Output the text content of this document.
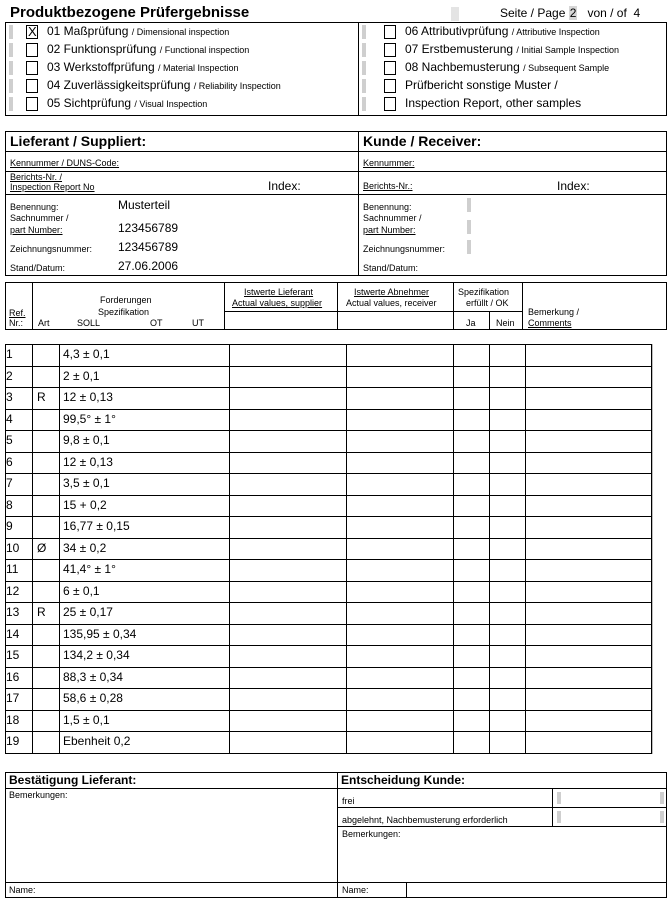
Produktbezogene Prüfergebnisse	Seite / Page 2 von / of 4
X 01 Maßprüfung / Dimensional inspection
02 Funktionsprüfung / Functional inspection
03 Werkstoffprüfung / Material Inspection
04 Zuverlässigkeitsprüfung / Reliability Inspection
05 Sichtprüfung / Visual Inspection
06 Attributivprüfung / Attributive Inspection
07 Erstbemusterung / Initial Sample Inspection
08 Nachbemusterung / Subsequent Sample
Prüfbericht sonstige Muster /
Inspection Report, other samples
Lieferant / Suppliert:
Kennummer / DUNS-Code:
Berichts-Nr. /
Inspection Report No	Index:
Benennung:	Musterteil
Sachnummer /
part Number:	123456789
Zeichnungsnummer: 123456789
Stand/Datum:	27.06.2006
Kunde / Receiver:
Kennummer:
Berichts-Nr.:	Index:
Benennung:
Sachnummer /
part Number:
Zeichnungsnummer:
Stand/Datum:
Ref.
Nr.: Art
Forderungen
Spezifikation
SOLL	OT	UT
Istwerte Lieferant
Actual values, supplier
Istwerte Abnehmer
Actual values, receiver
Spezifikation
erfüllt / OK
Ja Nein
Bemerkung /
Comments
1	4,3 ± 0,1
2	2 ± 0,1
3 R 12 ± 0,13
4	99,5° ± 1°
5	9,8 ± 0,1
6	12 ± 0,13
7	3,5 ± 0,1
8	15 + 0,2
9	16,77 ± 0,15
10 Ø 34 ± 0,2
11	41,4° ± 1°
12	6 ± 0,1
13 R 25 ± 0,17
14	135,95 ± 0,34
15	134,2 ± 0,34
16	88,3 ± 0,34
17	58,6 ± 0,28
18	1,5 ± 0,1
19	Ebenheit 0,2
Bestätigung Lieferant:
Bemerkungen:
Name:
Entscheidung Kunde:
frei
abgelehnt, Nachbemusterung erforderlich
Bemerkungen:
Name:
